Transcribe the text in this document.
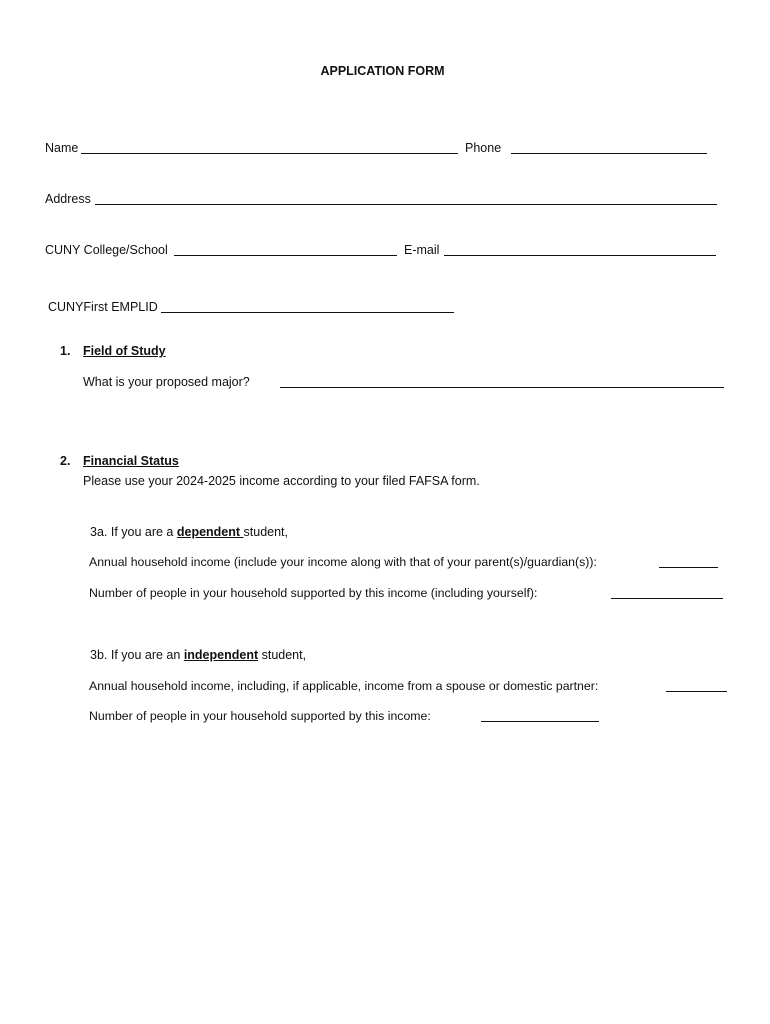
APPLICATION FORM
Name	Phone
Address
CUNY College/School	E-mail
CUNYFirst EMPLID
1. Field of Study
What is your proposed major?
2. Financial Status
Please use your 2024-2025 income according to your filed FAFSA form.
3a. If you are a dependent student,
Annual household income (include your income along with that of your parent(s)/guardian(s)):
Number of people in your household supported by this income (including yourself):
3b. If you are an independent student,
Annual household income, including, if applicable, income from a spouse or domestic partner:
Number of people in your household supported by this income:
